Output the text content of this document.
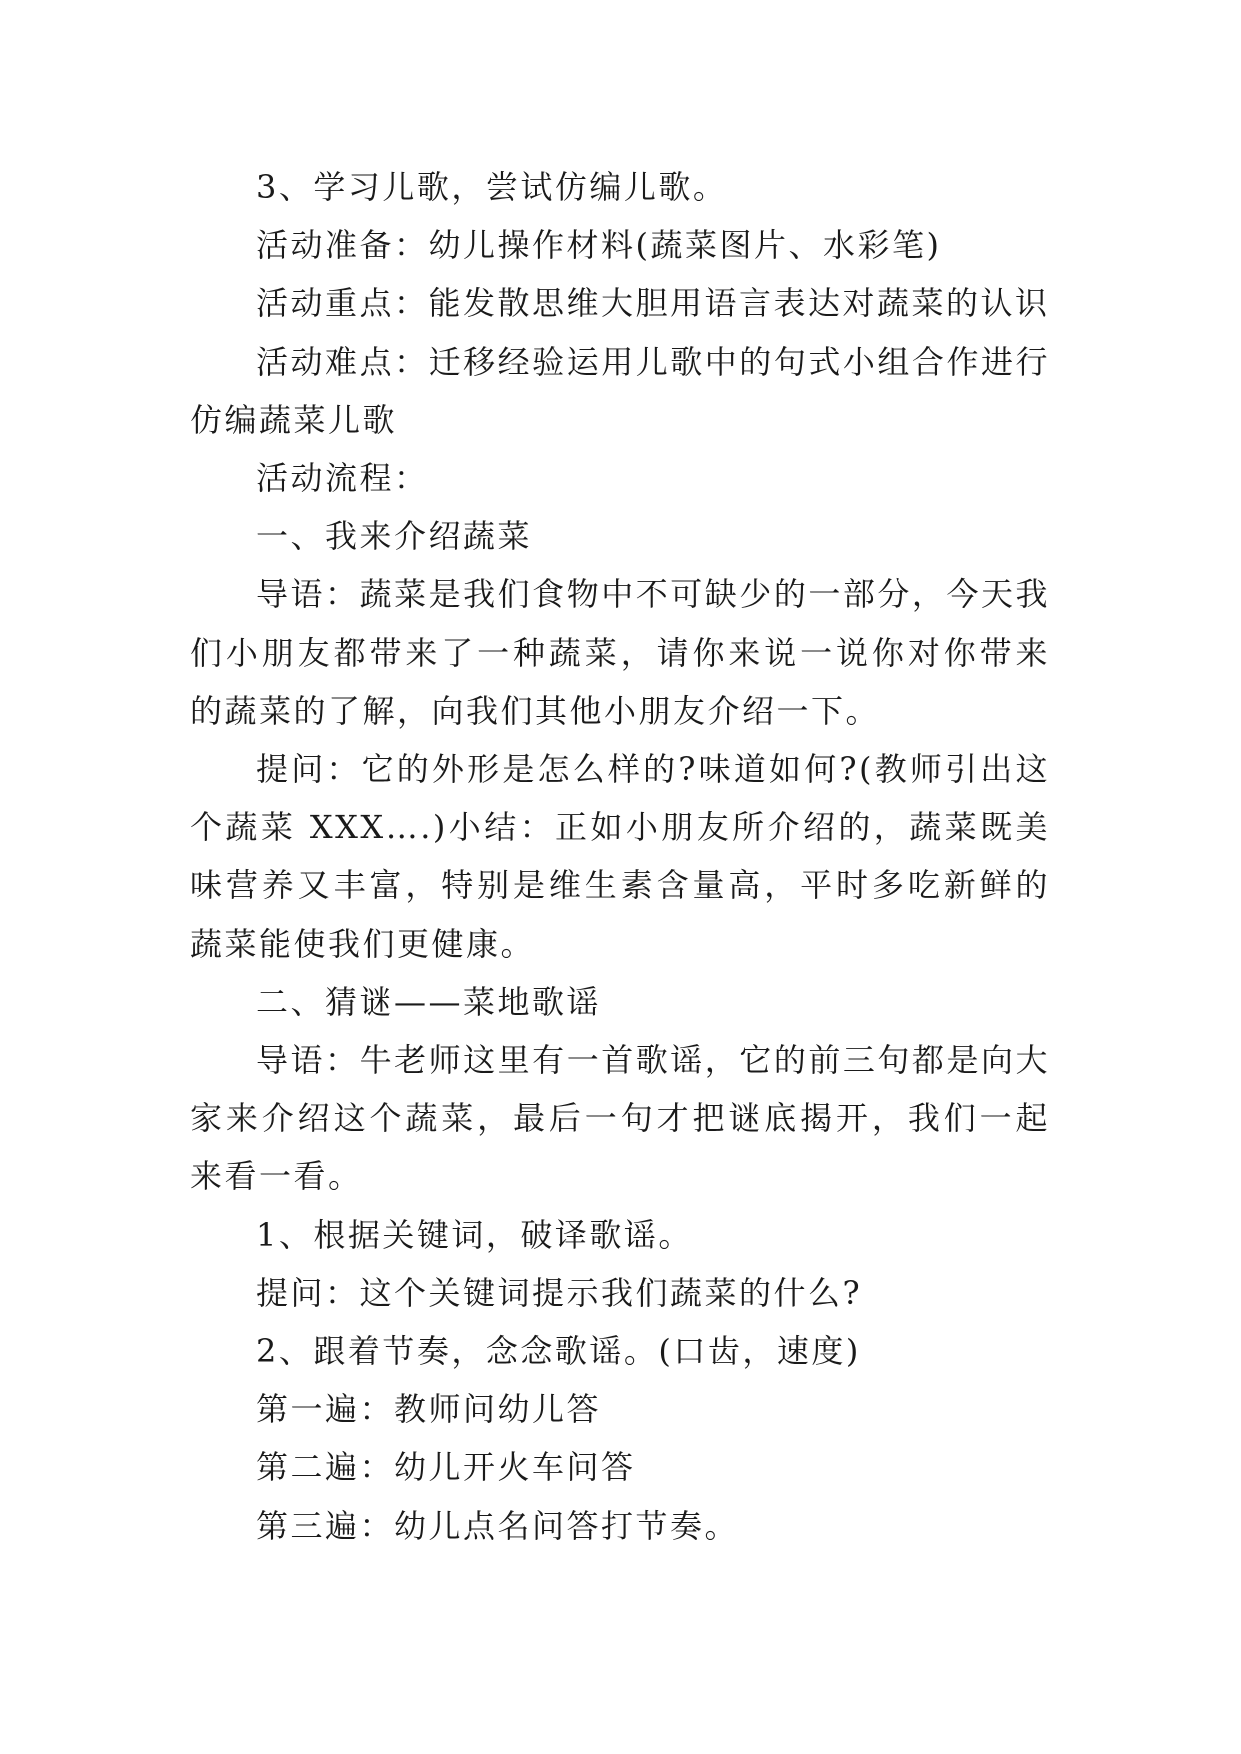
3、学习儿歌，尝试仿编儿歌。

活动准备：幼儿操作材料(蔬菜图片、水彩笔)

活动重点：能发散思维大胆用语言表达对蔬菜的认识

活动难点：迁移经验运用儿歌中的句式小组合作进行仿编蔬菜儿歌

活动流程：

一、我来介绍蔬菜

导语：蔬菜是我们食物中不可缺少的一部分，今天我们小朋友都带来了一种蔬菜，请你来说一说你对你带来的蔬菜的了解，向我们其他小朋友介绍一下。

提问：它的外形是怎么样的?味道如何?(教师引出这个蔬菜 XXX….)小结：正如小朋友所介绍的，蔬菜既美味营养又丰富，特别是维生素含量高，平时多吃新鲜的蔬菜能使我们更健康。

二、猜谜——菜地歌谣

导语：牛老师这里有一首歌谣，它的前三句都是向大家来介绍这个蔬菜，最后一句才把谜底揭开，我们一起来看一看。

1、根据关键词，破译歌谣。

提问：这个关键词提示我们蔬菜的什么?

2、跟着节奏，念念歌谣。(口齿，速度)

第一遍：教师问幼儿答

第二遍：幼儿开火车问答

第三遍：幼儿点名问答打节奏。
